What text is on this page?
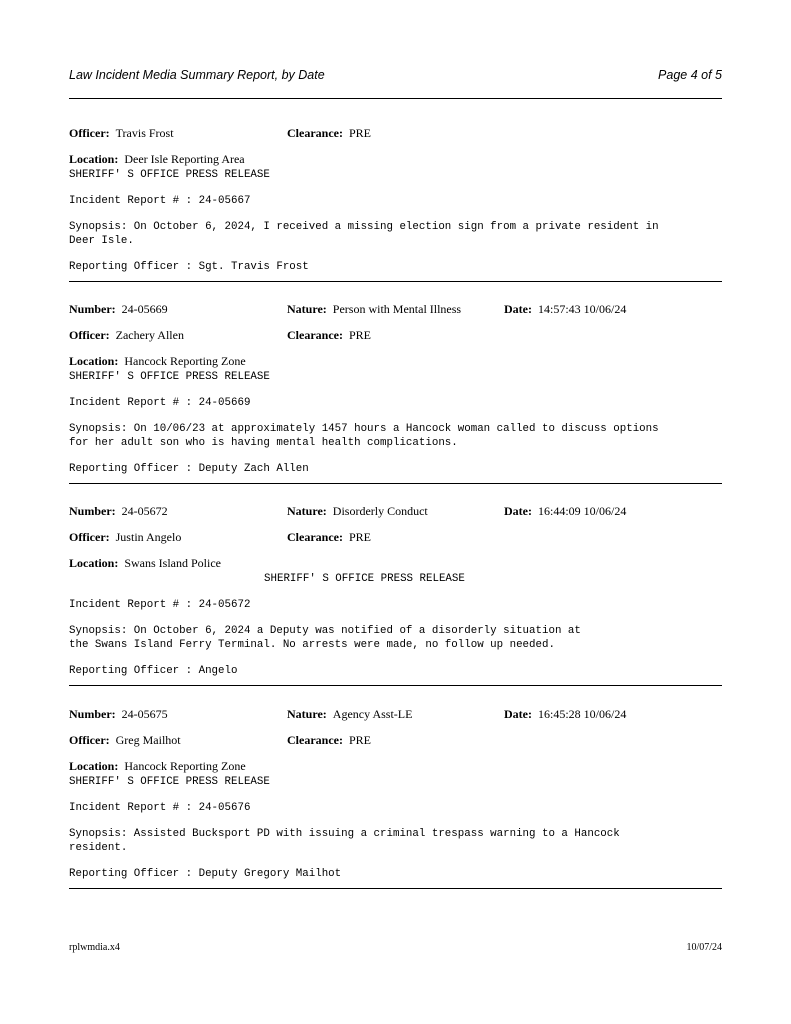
Law Incident Media Summary Report, by Date	Page 4 of 5
Officer: Travis Frost	Clearance: PRE
Location: Deer Isle Reporting Area
SHERIFF' S OFFICE PRESS RELEASE
Incident Report # : 24-05667
Synopsis: On October 6, 2024, I received a missing election sign from a private resident in
Deer Isle.
Reporting Officer : Sgt. Travis Frost
Number: 24-05669	Nature: Person with Mental Illness	Date: 14:57:43 10/06/24
Officer: Zachery Allen	Clearance: PRE
Location: Hancock Reporting Zone
SHERIFF' S OFFICE PRESS RELEASE
Incident Report # : 24-05669
Synopsis: On 10/06/23 at approximately 1457 hours a Hancock woman called to discuss options
for her adult son who is having mental health complications.
Reporting Officer : Deputy Zach Allen
Number: 24-05672	Nature: Disorderly Conduct	Date: 16:44:09 10/06/24
Officer: Justin Angelo	Clearance: PRE
Location: Swans Island Police
SHERIFF' S OFFICE PRESS RELEASE
Incident Report # : 24-05672
Synopsis: On October 6, 2024 a Deputy was notified of a disorderly situation at
the Swans Island Ferry Terminal. No arrests were made, no follow up needed.
Reporting Officer : Angelo
Number: 24-05675	Nature: Agency Asst-LE	Date: 16:45:28 10/06/24
Officer: Greg Mailhot	Clearance: PRE
Location: Hancock Reporting Zone
SHERIFF' S OFFICE PRESS RELEASE
Incident Report # : 24-05676
Synopsis: Assisted Bucksport PD with issuing a criminal trespass warning to a Hancock
resident.
Reporting Officer : Deputy Gregory Mailhot
rplwmdia.x4	10/07/24
